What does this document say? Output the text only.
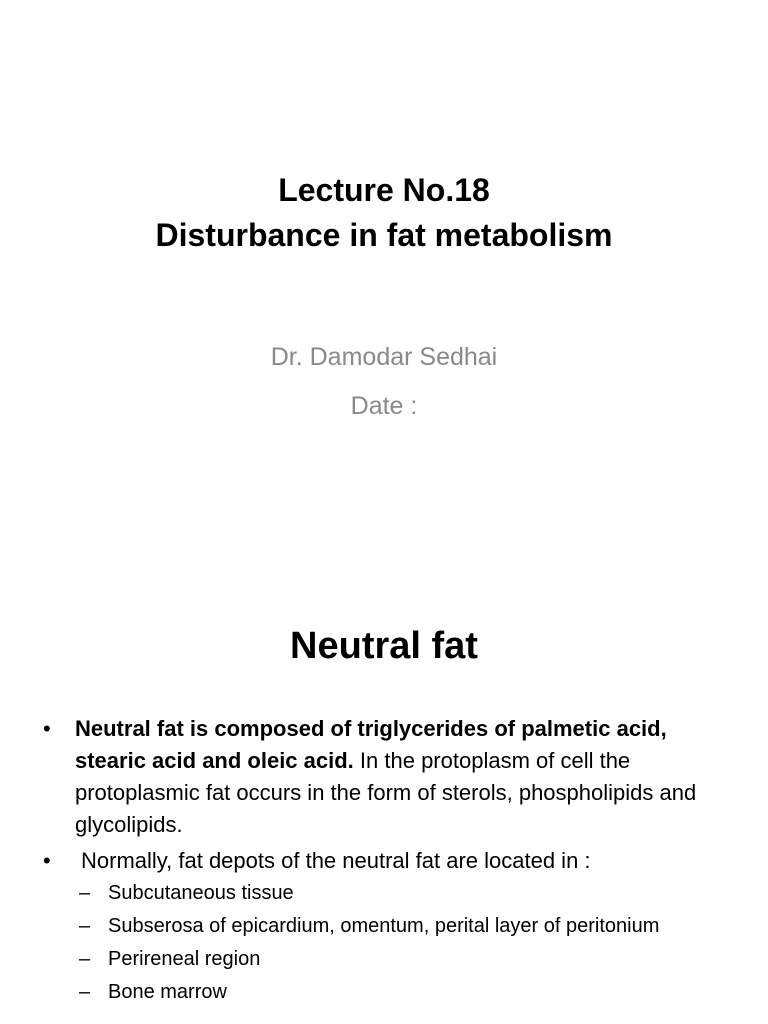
Lecture No.18
Disturbance in fat metabolism
Dr. Damodar Sedhai
Date :
Neutral fat
• Neutral fat is composed of triglycerides of palmetic acid, stearic acid and oleic acid. In the protoplasm of cell the protoplasmic fat occurs in the form of sterols, phospholipids and glycolipids.
• Normally, fat depots of the neutral fat are located in :
– Subcutaneous tissue
– Subserosa of epicardium, omentum, perital layer of peritonium
– Perireneal region
– Bone marrow
